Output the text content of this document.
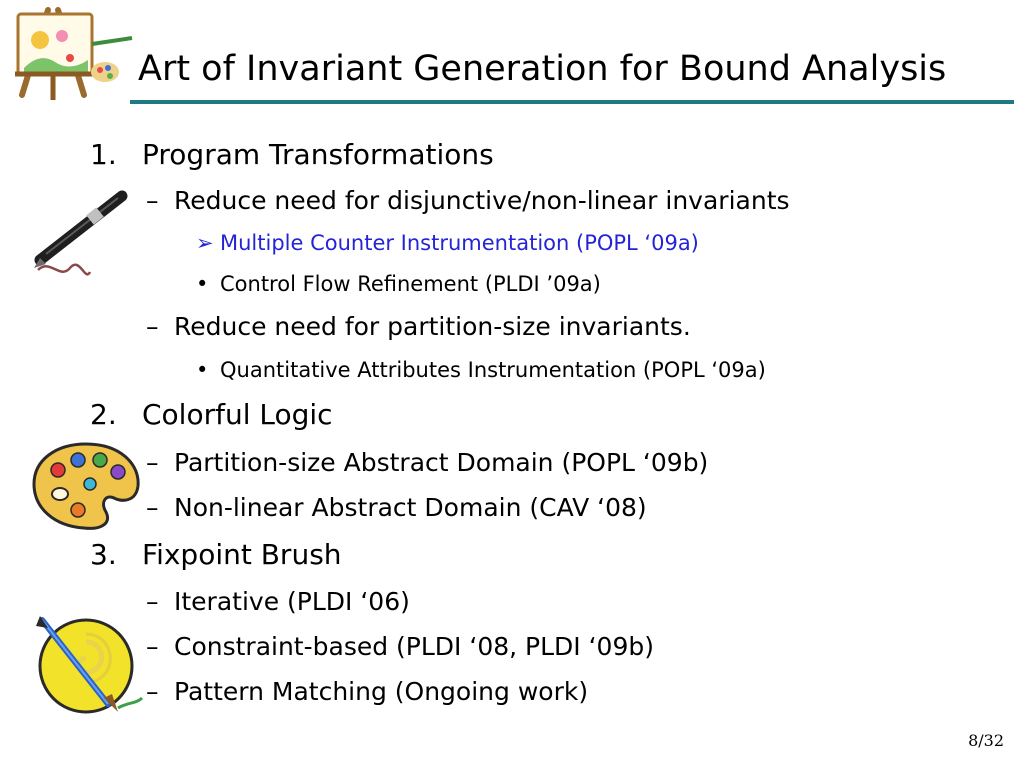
Art of Invariant Generation for Bound Analysis
1. Program Transformations
– Reduce need for disjunctive/non-linear invariants
➢ Multiple Counter Instrumentation (POPL ‘09a)
• Control Flow Refinement (PLDI ’09a)
– Reduce need for partition-size invariants.
• Quantitative Attributes Instrumentation (POPL ‘09a)
2. Colorful Logic
– Partition-size Abstract Domain (POPL ‘09b)
– Non-linear Abstract Domain (CAV ‘08)
3. Fixpoint Brush
– Iterative (PLDI ‘06)
– Constraint-based (PLDI ‘08, PLDI ‘09b)
– Pattern Matching (Ongoing work)
8/32
